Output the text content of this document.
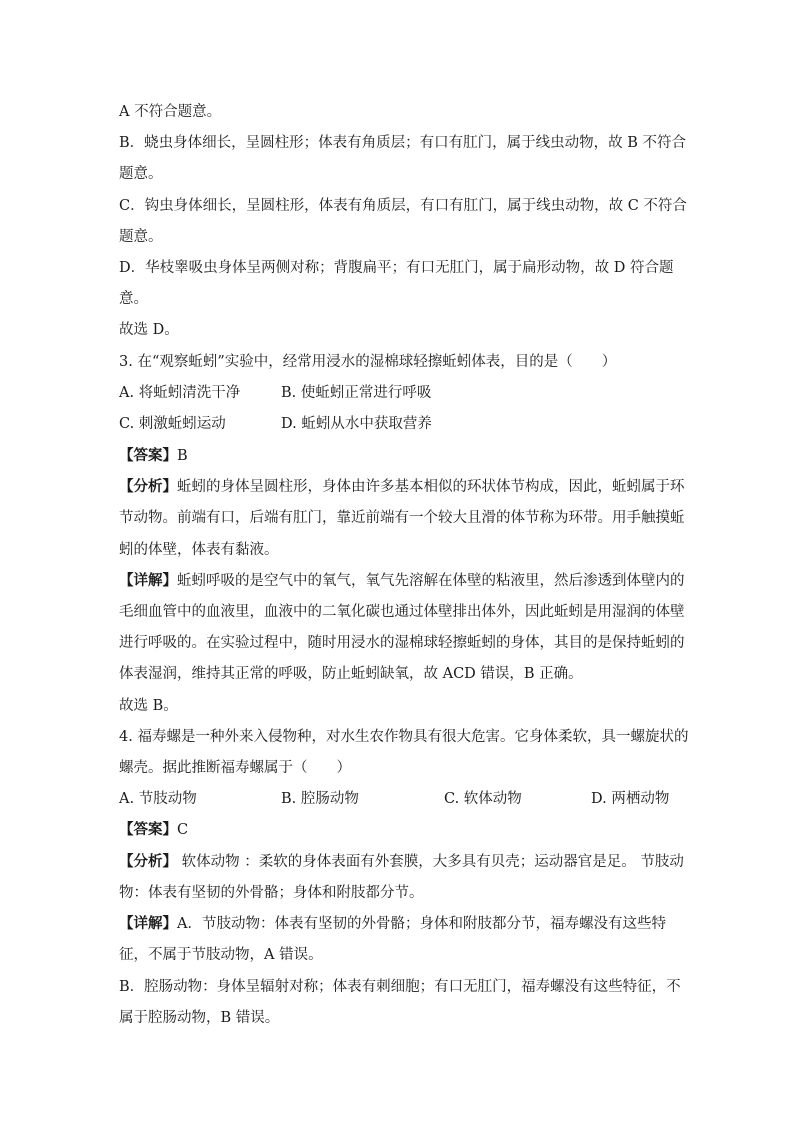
A 不符合题意。
B．蛲虫身体细长，呈圆柱形；体表有角质层；有口有肛门，属于线虫动物，故 B 不符合
题意。
C．钩虫身体细长，呈圆柱形，体表有角质层，有口有肛门，属于线虫动物，故 C 不符合
题意。
D．华枝睾吸虫身体呈两侧对称；背腹扁平；有口无肛门，属于扁形动物，故 D 符合题
意。
故选 D。
3. 在“观察蚯蚓”实验中，经常用浸水的湿棉球轻擦蚯蚓体表，目的是（　　）
A. 将蚯蚓清洗干净	B. 使蚯蚓正常进行呼吸
C. 刺激蚯蚓运动	D. 蚯蚓从水中获取营养
【答案】B
【分析】蚯蚓的身体呈圆柱形，身体由许多基本相似的环状体节构成，因此，蚯蚓属于环
节动物。前端有口，后端有肛门，靠近前端有一个较大且滑的体节称为环带。用手触摸蚯
蚓的体壁，体表有黏液。
【详解】蚯蚓呼吸的是空气中的氧气，氧气先溶解在体壁的粘液里，然后渗透到体壁内的
毛细血管中的血液里，血液中的二氧化碳也通过体壁排出体外，因此蚯蚓是用湿润的体壁
进行呼吸的。在实验过程中，随时用浸水的湿棉球轻擦蚯蚓的身体，其目的是保持蚯蚓的
体表湿润，维持其正常的呼吸，防止蚯蚓缺氧，故 ACD 错误，B 正确。
故选 B。
4. 福寿螺是一种外来入侵物种，对水生农作物具有很大危害。它身体柔软，具一螺旋状的
螺壳。据此推断福寿螺属于（　　）
A. 节肢动物	B. 腔肠动物	C. 软体动物	D. 两栖动物
【答案】C
【分析】 软体动物 ：柔软的身体表面有外套膜，大多具有贝壳；运动器官是足。 节肢动
物：体表有坚韧的外骨骼；身体和附肢都分节。
【详解】A．节肢动物：体表有坚韧的外骨骼；身体和附肢都分节，福寿螺没有这些特
征，不属于节肢动物，A 错误。
B．腔肠动物：身体呈辐射对称；体表有刺细胞；有口无肛门，福寿螺没有这些特征，不
属于腔肠动物，B 错误。
